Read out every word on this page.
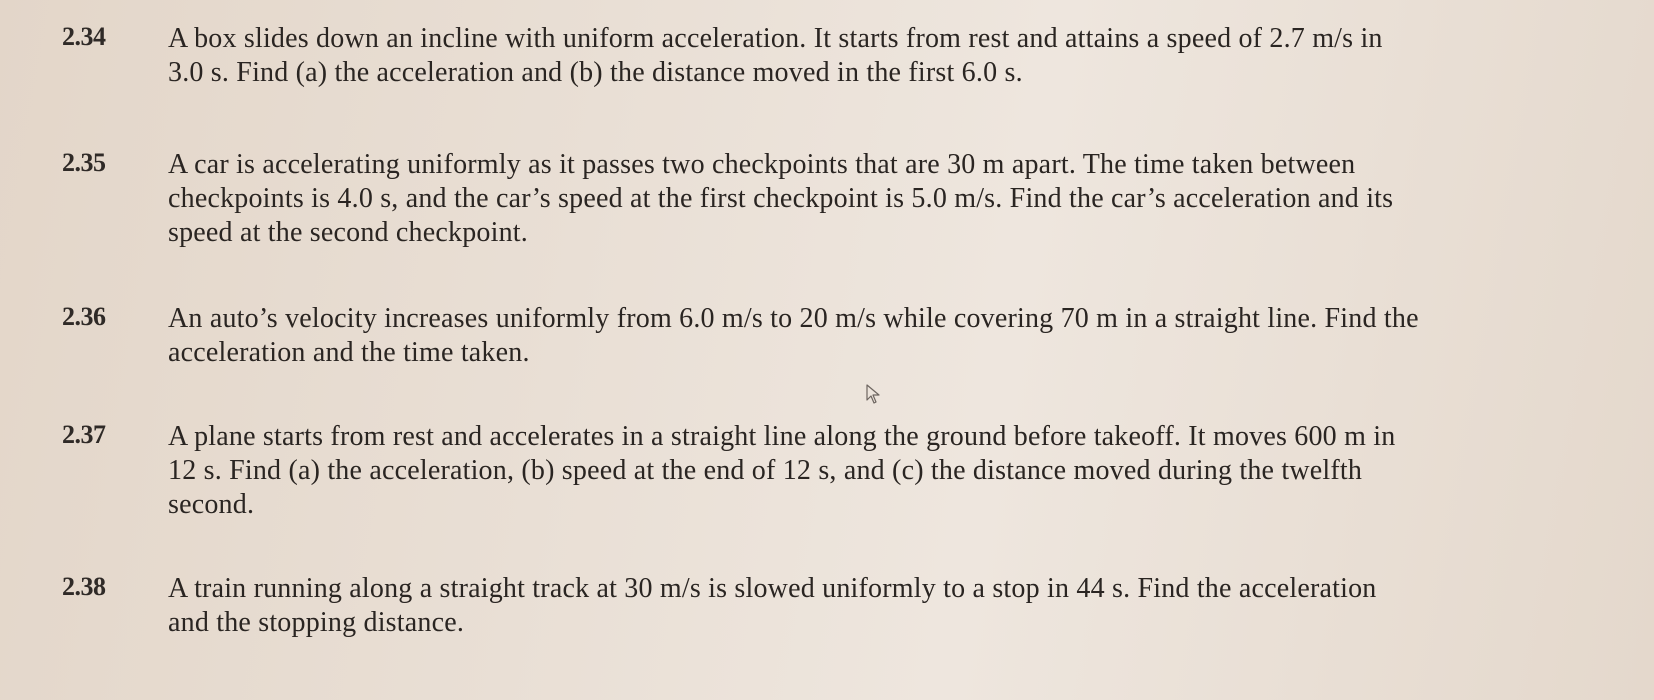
2.34 A box slides down an incline with uniform acceleration. It starts from rest and attains a speed of 2.7 m/s in
3.0 s. Find (a) the acceleration and (b) the distance moved in the first 6.0 s.
2.35 A car is accelerating uniformly as it passes two checkpoints that are 30 m apart. The time taken between
checkpoints is 4.0 s, and the car’s speed at the first checkpoint is 5.0 m/s. Find the car’s acceleration and its
speed at the second checkpoint.
2.36 An auto’s velocity increases uniformly from 6.0 m/s to 20 m/s while covering 70 m in a straight line. Find the
acceleration and the time taken.
2.37 A plane starts from rest and accelerates in a straight line along the ground before takeoff. It moves 600 m in
12 s. Find (a) the acceleration, (b) speed at the end of 12 s, and (c) the distance moved during the twelfth
second.
2.38 A train running along a straight track at 30 m/s is slowed uniformly to a stop in 44 s. Find the acceleration
and the stopping distance.
